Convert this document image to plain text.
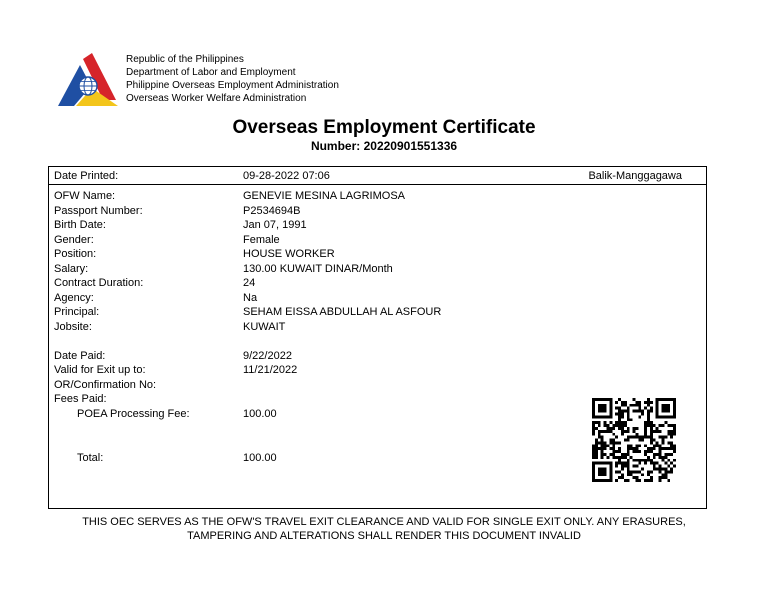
Republic of the Philippines
Department of Labor and Employment
Philippine Overseas Employment Administration
Overseas Worker Welfare Administration
Overseas Employment Certificate
Number: 20220901551336
Date Printed:	09-28-2022 07:06	Balik-Manggagawa
OFW Name:	GENEVIE MESINA LAGRIMOSA
Passport Number:	P2534694B
Birth Date:	Jan 07, 1991
Gender:	Female
Position:	HOUSE WORKER
Salary:	130.00 KUWAIT DINAR/Month
Contract Duration:	24
Agency:	Na
Principal:	SEHAM EISSA ABDULLAH AL ASFOUR
Jobsite:	KUWAIT
Date Paid:	9/22/2022
Valid for Exit up to:	11/21/2022
OR/Confirmation No:
Fees Paid:
POEA Processing Fee:	100.00
Total:	100.00
THIS OEC SERVES AS THE OFW'S TRAVEL EXIT CLEARANCE AND VALID FOR SINGLE EXIT ONLY. ANY ERASURES,
TAMPERING AND ALTERATIONS SHALL RENDER THIS DOCUMENT INVALID
